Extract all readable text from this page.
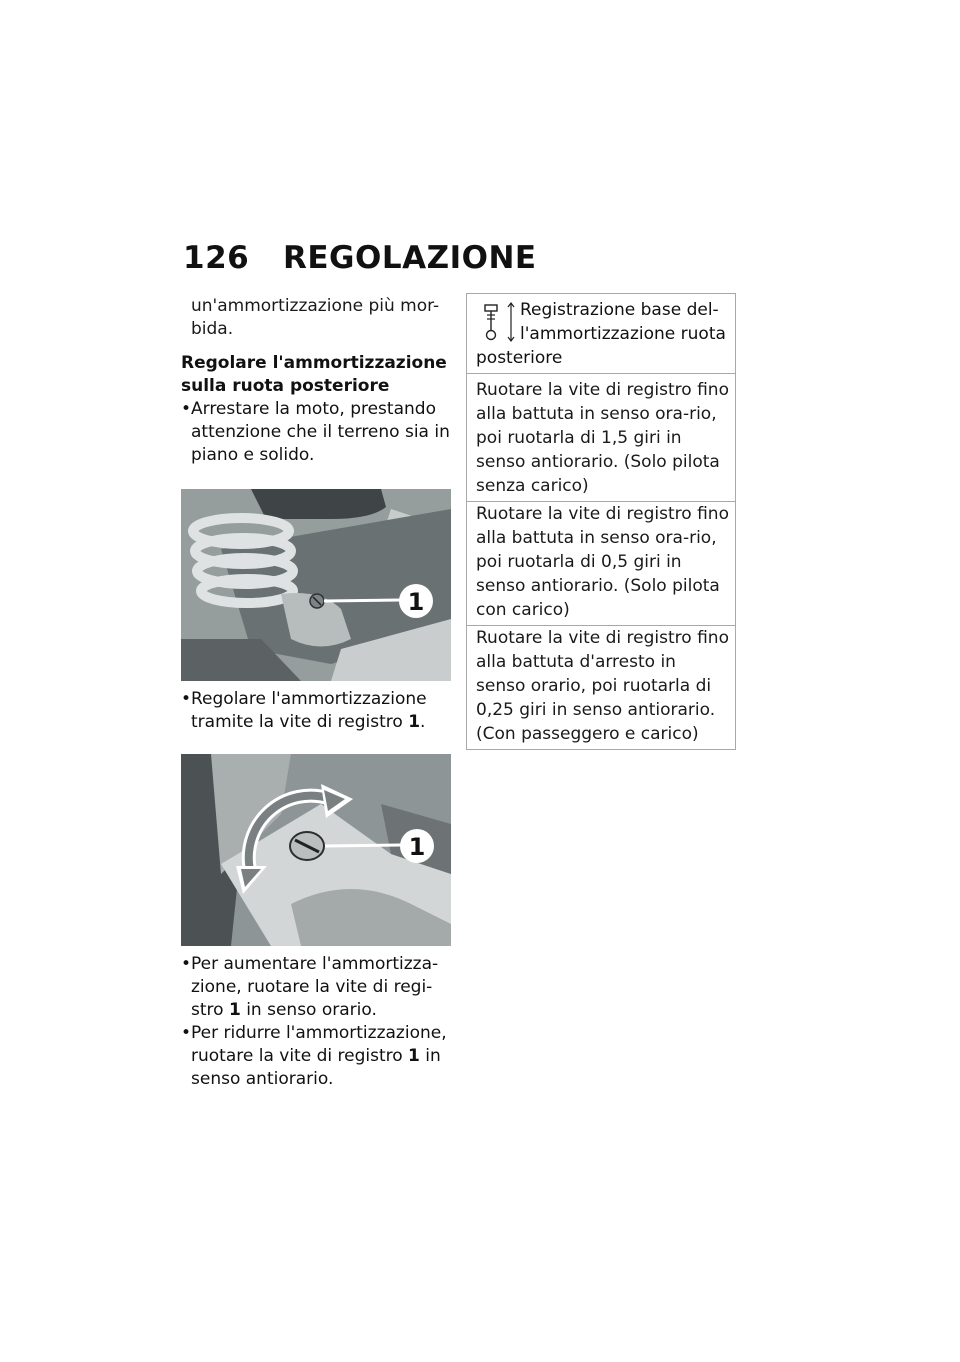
126 REGOLAZIONE
un'ammortizzazione più mor-
bida.
Regolare l'ammortizzazione
sulla ruota posteriore
• Arrestare la moto, prestando attenzione che il terreno sia in piano e solido.
1
• Regolare l'ammortizzazione tramite la vite di registro 1.
1
• Per aumentare l'ammortizza-zione, ruotare la vite di regi-stro 1 in senso orario.
• Per ridurre l'ammortizzazione, ruotare la vite di registro 1 in senso antiorario.
Registrazione base del-
l'ammortizzazione ruota
posteriore
Ruotare la vite di registro fino alla battuta in senso ora-rio, poi ruotarla di 1,5 giri in senso antiorario. (Solo pilota senza carico)
Ruotare la vite di registro fino alla battuta in senso ora-rio, poi ruotarla di 0,5 giri in senso antiorario. (Solo pilota con carico)
Ruotare la vite di registro fino alla battuta d'arresto in senso orario, poi ruotarla di 0,25 giri in senso antiorario. (Con passeggero e carico)
